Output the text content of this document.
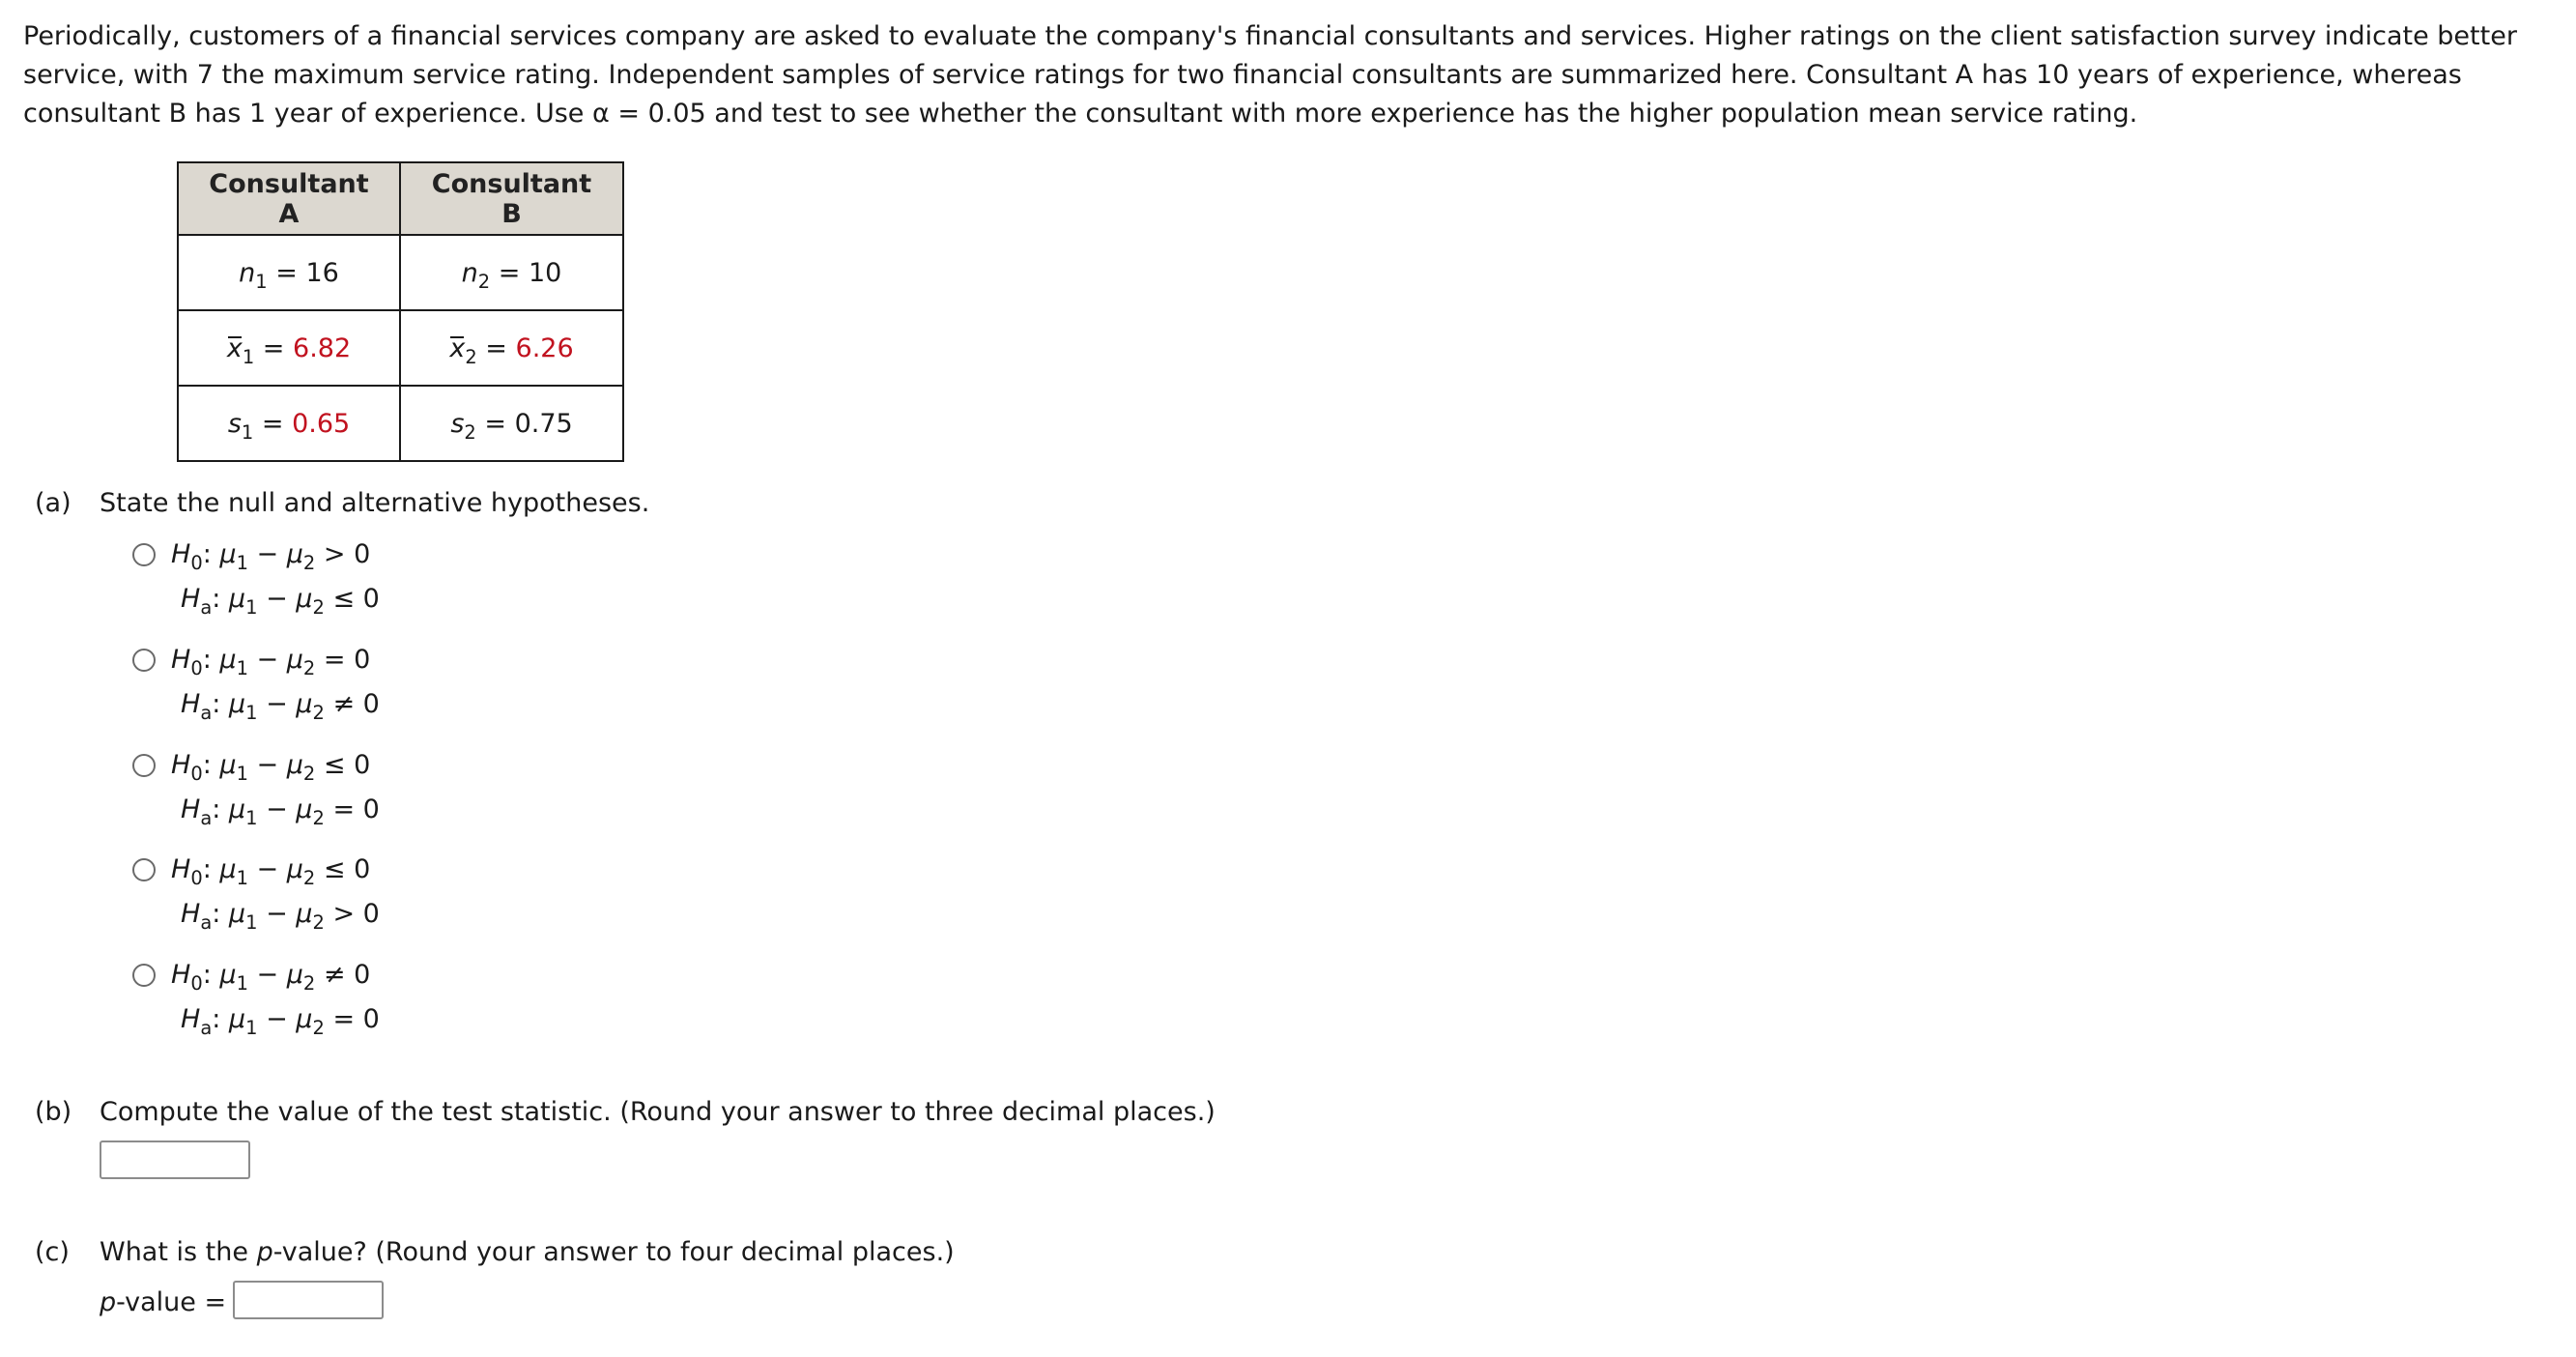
Periodically, customers of a financial services company are asked to evaluate the company's financial consultants and services. Higher ratings on the client satisfaction survey indicate better service, with 7 the maximum service rating. Independent samples of service ratings for two financial consultants are summarized here. Consultant A has 10 years of experience, whereas consultant B has 1 year of experience. Use α = 0.05 and test to see whether the consultant with more experience has the higher population mean service rating.

Consultant A	Consultant B
$n_1 = 16$	$n_2 = 10$
$x_1 = 6.82$	$x_2 = 6.26$
$s_1 = 0.65$	$s_2 = 0.75$
(a) State the null and alternative hypotheses.
$H_0$: $\mu_1 - \mu_2 > 0$
$H_a$: $\mu_1 - \mu_2 \le 0$
$H_0$: $\mu_1 - \mu_2 = 0$
$H_a$: $\mu_1 - \mu_2 \ne 0$
$H_0$: $\mu_1 - \mu_2 \le 0$
$H_a$: $\mu_1 - \mu_2 = 0$
$H_0$: $\mu_1 - \mu_2 \le 0$
$H_a$: $\mu_1 - \mu_2 > 0$
$H_0$: $\mu_1 - \mu_2 \ne 0$
$H_a$: $\mu_1 - \mu_2 = 0$
(b) Compute the value of the test statistic. (Round your answer to three decimal places.)
(c) What is the p-value? (Round your answer to four decimal places.)
p-value =
